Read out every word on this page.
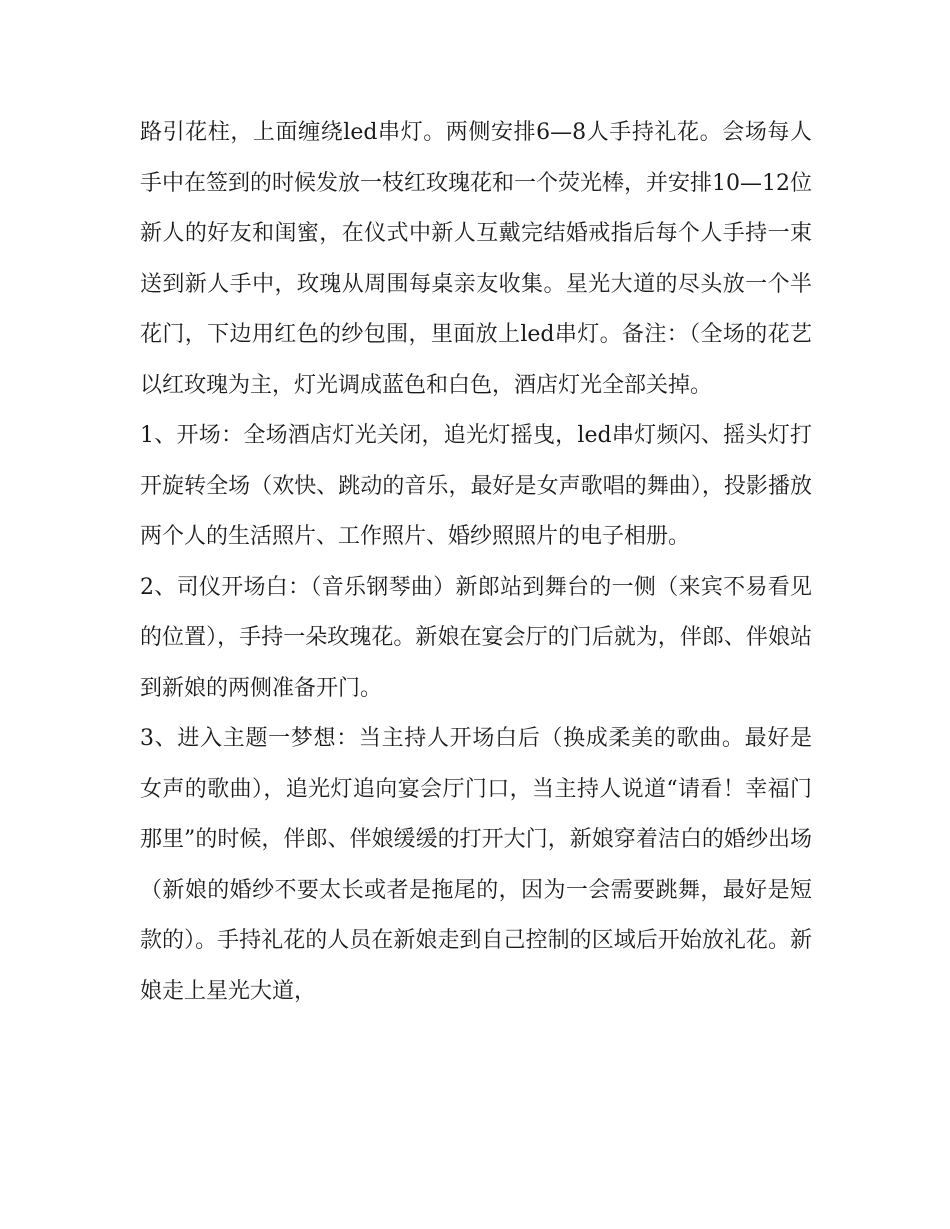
路引花柱，上面缠绕led串灯。两侧安排6—8人手持礼花。会场每人手中在签到的时候发放一枝红玫瑰花和一个荧光棒，并安排10—12位新人的好友和闺蜜，在仪式中新人互戴完结婚戒指后每个人手持一束送到新人手中，玫瑰从周围每桌亲友收集。星光大道的尽头放一个半花门，下边用红色的纱包围，里面放上led串灯。备注：（全场的花艺以红玫瑰为主，灯光调成蓝色和白色，酒店灯光全部关掉。

1、开场：全场酒店灯光关闭，追光灯摇曳，led串灯频闪、摇头灯打开旋转全场（欢快、跳动的音乐，最好是女声歌唱的舞曲），投影播放两个人的生活照片、工作照片、婚纱照照片的电子相册。

2、司仪开场白：（音乐钢琴曲）新郎站到舞台的一侧（来宾不易看见的位置），手持一朵玫瑰花。新娘在宴会厅的门后就为，伴郎、伴娘站到新娘的两侧准备开门。

3、进入主题一梦想：当主持人开场白后（换成柔美的歌曲。最好是女声的歌曲），追光灯追向宴会厅门口，当主持人说道“请看！幸福门那里”的时候，伴郎、伴娘缓缓的打开大门，新娘穿着洁白的婚纱出场（新娘的婚纱不要太长或者是拖尾的，因为一会需要跳舞，最好是短款的）。手持礼花的人员在新娘走到自己控制的区域后开始放礼花。新娘走上星光大道，
